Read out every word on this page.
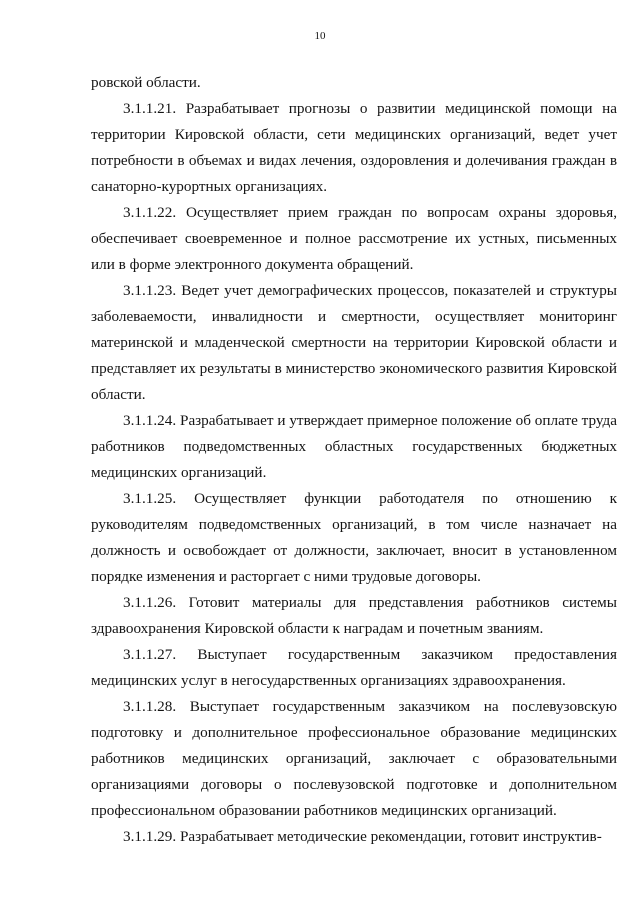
10

ровской области.

3.1.1.21. Разрабатывает прогнозы о развитии медицинской помощи на территории Кировской области, сети медицинских организаций, ведет учет потребности в объемах и видах лечения, оздоровления и долечивания граждан в санаторно-курортных организациях.

3.1.1.22. Осуществляет прием граждан по вопросам охраны здоровья, обеспечивает своевременное и полное рассмотрение их устных, письменных или в форме электронного документа обращений.

3.1.1.23. Ведет учет демографических процессов, показателей и структуры заболеваемости, инвалидности и смертности, осуществляет мониторинг материнской и младенческой смертности на территории Кировской области и представляет их результаты в министерство экономического развития Кировской области.

3.1.1.24. Разрабатывает и утверждает примерное положение об оплате труда работников подведомственных областных государственных бюджетных медицинских организаций.

3.1.1.25. Осуществляет функции работодателя по отношению к руководителям подведомственных организаций, в том числе назначает на должность и освобождает от должности, заключает, вносит в установленном порядке изменения и расторгает с ними трудовые договоры.

3.1.1.26. Готовит материалы для представления работников системы здравоохранения Кировской области к наградам и почетным званиям.

3.1.1.27. Выступает государственным заказчиком предоставления медицинских услуг в негосударственных организациях здравоохранения.

3.1.1.28. Выступает государственным заказчиком на послевузовскую подготовку и дополнительное профессиональное образование медицинских работников медицинских организаций, заключает с образовательными организациями договоры о послевузовской подготовке и дополнительном профессиональном образовании работников медицинских организаций.

3.1.1.29. Разрабатывает методические рекомендации, готовит инструктив-
